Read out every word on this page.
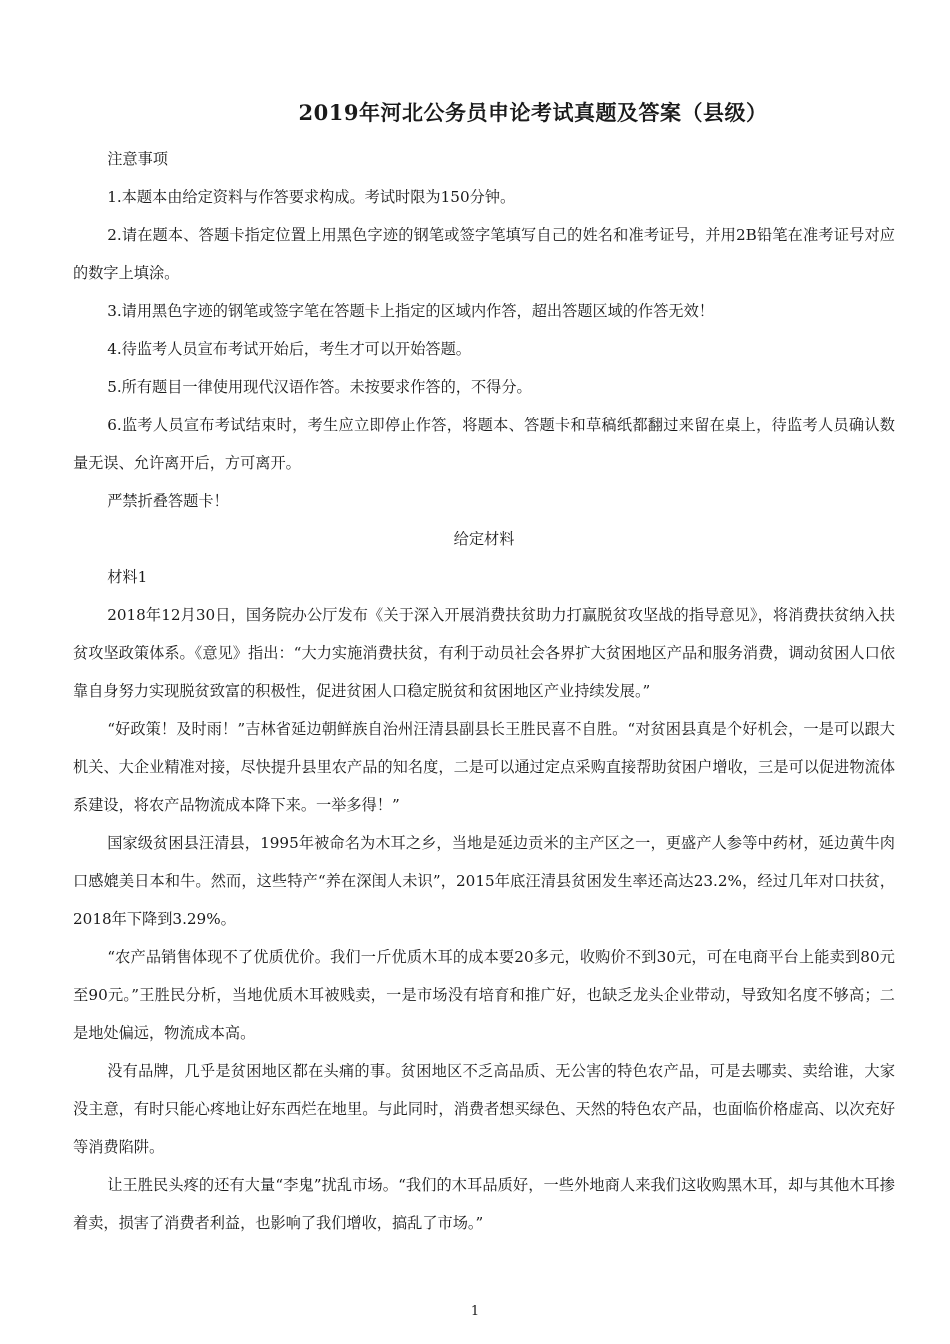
2019年河北公务员申论考试真题及答案（县级）

注意事项

1.本题本由给定资料与作答要求构成。考试时限为150分钟。

2.请在题本、答题卡指定位置上用黑色字迹的钢笔或签字笔填写自己的姓名和准考证号，并用2B铅笔在准考证号对应的数字上填涂。

3.请用黑色字迹的钢笔或签字笔在答题卡上指定的区域内作答，超出答题区域的作答无效！

4.待监考人员宣布考试开始后，考生才可以开始答题。

5.所有题目一律使用现代汉语作答。未按要求作答的，不得分。

6.监考人员宣布考试结束时，考生应立即停止作答，将题本、答题卡和草稿纸都翻过来留在桌上，待监考人员确认数量无误、允许离开后，方可离开。

严禁折叠答题卡！

给定材料

材料1

2018年12月30日，国务院办公厅发布《关于深入开展消费扶贫助力打赢脱贫攻坚战的指导意见》，将消费扶贫纳入扶贫攻坚政策体系。《意见》指出：“大力实施消费扶贫，有利于动员社会各界扩大贫困地区产品和服务消费，调动贫困人口依靠自身努力实现脱贫致富的积极性，促进贫困人口稳定脱贫和贫困地区产业持续发展。”

“好政策！及时雨！”吉林省延边朝鲜族自治州汪清县副县长王胜民喜不自胜。“对贫困县真是个好机会，一是可以跟大机关、大企业精准对接，尽快提升县里农产品的知名度，二是可以通过定点采购直接帮助贫困户增收，三是可以促进物流体系建设，将农产品物流成本降下来。一举多得！”

国家级贫困县汪清县，1995年被命名为木耳之乡，当地是延边贡米的主产区之一，更盛产人参等中药材，延边黄牛肉口感媲美日本和牛。然而，这些特产“养在深闺人未识”，2015年底汪清县贫困发生率还高达23.2%，经过几年对口扶贫，2018年下降到3.29%。

“农产品销售体现不了优质优价。我们一斤优质木耳的成本要20多元，收购价不到30元，可在电商平台上能卖到80元至90元。”王胜民分析，当地优质木耳被贱卖，一是市场没有培育和推广好，也缺乏龙头企业带动，导致知名度不够高；二是地处偏远，物流成本高。

没有品牌，几乎是贫困地区都在头痛的事。贫困地区不乏高品质、无公害的特色农产品，可是去哪卖、卖给谁，大家没主意，有时只能心疼地让好东西烂在地里。与此同时，消费者想买绿色、天然的特色农产品，也面临价格虚高、以次充好等消费陷阱。

让王胜民头疼的还有大量“李鬼”扰乱市场。“我们的木耳品质好，一些外地商人来我们这收购黑木耳，却与其他木耳掺着卖，损害了消费者利益，也影响了我们增收，搞乱了市场。”

1
